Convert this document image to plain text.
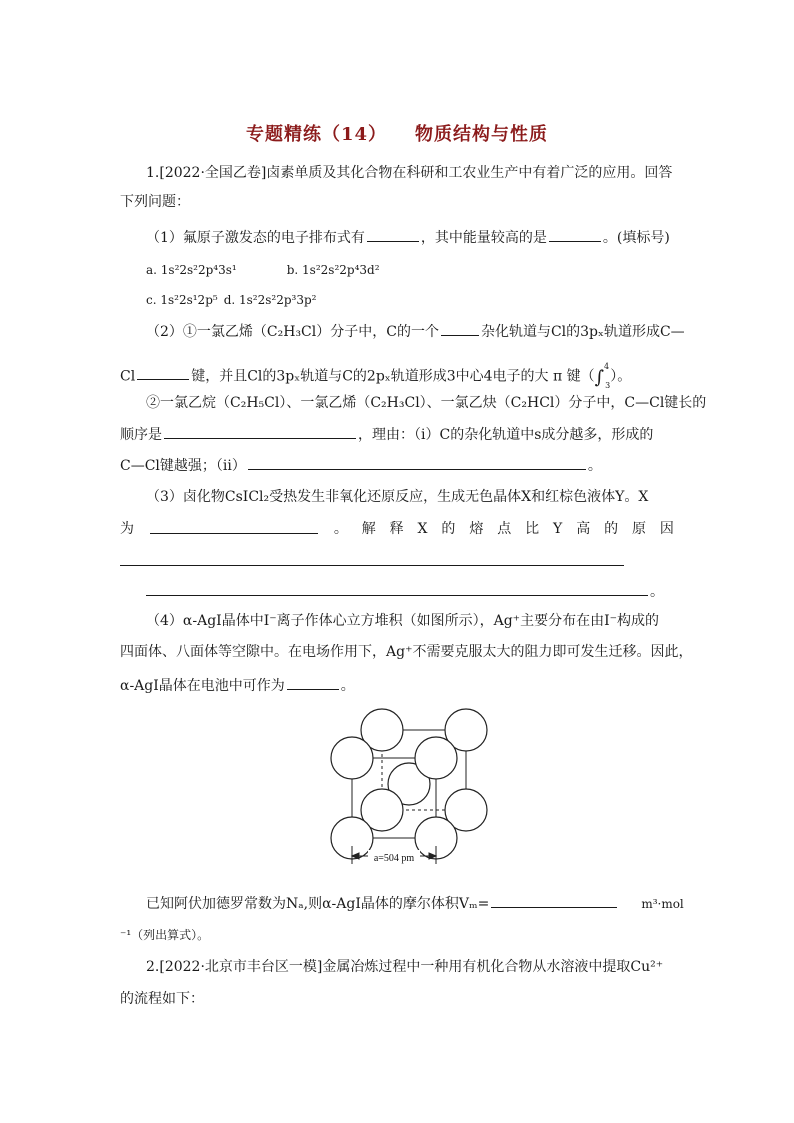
专题精练（14） 物质结构与性质
1.[2022·全国乙卷]卤素单质及其化合物在科研和工农业生产中有着广泛的应用。回答
下列问题：
（1）氟原子激发态的电子排布式有	，其中能量较高的是	。(填标号)
a. 1s²2s²2p⁴3s¹	b. 1s²2s²2p⁴3d²
c. 1s²2s¹2p⁵ d. 1s²2s²2p³3p²
（2）①一氯乙烯（C₂H₃Cl）分子中，C的一个	杂化轨道与Cl的3pₓ轨道形成C—
Cl	键，并且Cl的3pₓ轨道与C的2pₓ轨道形成3中心4电子的大 π 键（∫$^4_3$）。
②一氯乙烷（C₂H₅Cl）、一氯乙烯（C₂H₃Cl）、一氯乙炔（C₂HCl）分子中，C—Cl键长的
顺序是	，理由：（ⅰ）C的杂化轨道中s成分越多，形成的
C—Cl键越强；（ⅱ）	。
（3）卤化物CsICl₂受热发生非氧化还原反应，生成无色晶体X和红棕色液体Y。X
为	。 解 释 X 的 熔 点 比 Y 高 的 原 因
。
（4）α-AgI晶体中I⁻离子作体心立方堆积（如图所示），Ag⁺主要分布在由I⁻构成的
四面体、八面体等空隙中。在电场作用下，Ag⁺不需要克服太大的阻力即可发生迁移。因此，
α-AgI晶体在电池中可作为	。
a=504 pm
已知阿伏加德罗常数为Nₐ,则α-AgI晶体的摩尔体积Vₘ=	m³·mol
⁻¹（列出算式）。
2.[2022·北京市丰台区一模]金属冶炼过程中一种用有机化合物从水溶液中提取Cu²⁺
的流程如下：
